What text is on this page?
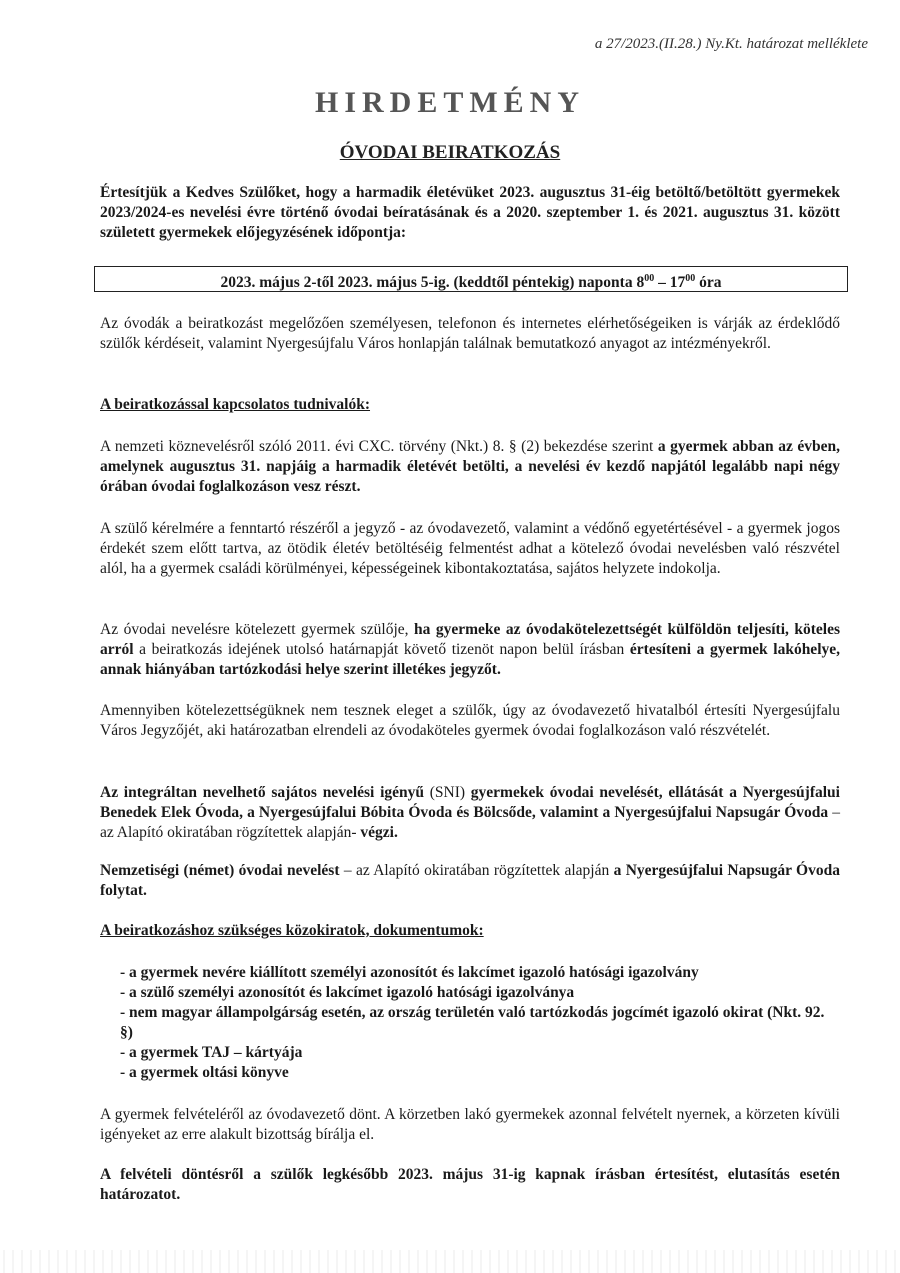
a 27/2023.(II.28.) Ny.Kt. határozat melléklete
HIRDETMÉNY
ÓVODAI BEIRATKOZÁS
Értesítjük a Kedves Szülőket, hogy a harmadik életévüket 2023. augusztus 31-éig betöltő/betöltött gyermekek 2023/2024-es nevelési évre történő óvodai beíratásának és a 2020. szeptember 1. és 2021. augusztus 31. között született gyermekek előjegyzésének időpontja:
2023. május 2-től 2023. május 5-ig. (keddtől péntekig) naponta $8^{00} - 17^{00}$ óra
Az óvodák a beiratkozást megelőzően személyesen, telefonon és internetes elérhetőségeiken is várják az érdeklődő szülők kérdéseit, valamint Nyergesújfalu Város honlapján találnak bemutatkozó anyagot az intézményekről.
A beiratkozással kapcsolatos tudnivalók:
A nemzeti köznevelésről szóló 2011. évi CXC. törvény (Nkt.) 8. § (2) bekezdése szerint a gyermek abban az évben, amelynek augusztus 31. napjáig a harmadik életévét betölti, a nevelési év kezdő napjától legalább napi négy órában óvodai foglalkozáson vesz részt.
A szülő kérelmére a fenntartó részéről a jegyző - az óvodavezető, valamint a védőnő egyetértésével - a gyermek jogos érdekét szem előtt tartva, az ötödik életév betöltéséig felmentést adhat a kötelező óvodai nevelésben való részvétel alól, ha a gyermek családi körülményei, képességeinek kibontakoztatása, sajátos helyzete indokolja.
Az óvodai nevelésre kötelezett gyermek szülője, ha gyermeke az óvodakötelezettségét külföldön teljesíti, köteles arról a beiratkozás idejének utolsó határnapját követő tizenöt napon belül írásban értesíteni a gyermek lakóhelye, annak hiányában tartózkodási helye szerint illetékes jegyzőt.
Amennyiben kötelezettségüknek nem tesznek eleget a szülők, úgy az óvodavezető hivatalból értesíti Nyergesújfalu Város Jegyzőjét, aki határozatban elrendeli az óvodaköteles gyermek óvodai foglalkozáson való részvételét.
Az integráltan nevelhető sajátos nevelési igényű (SNI) gyermekek óvodai nevelését, ellátását a Nyergesújfalui Benedek Elek Óvoda, a Nyergesújfalui Bóbita Óvoda és Bölcsőde, valamint a Nyergesújfalui Napsugár Óvoda – az Alapító okiratában rögzítettek alapján- végzi.
Nemzetiségi (német) óvodai nevelést – az Alapító okiratában rögzítettek alapján a Nyergesújfalui Napsugár Óvoda folytat.
A beiratkozáshoz szükséges közokiratok, dokumentumok:
- a gyermek nevére kiállított személyi azonosítót és lakcímet igazoló hatósági igazolvány
- a szülő személyi azonosítót és lakcímet igazoló hatósági igazolványa
- nem magyar állampolgárság esetén, az ország területén való tartózkodás jogcímét igazoló okirat (Nkt. 92. §)
- a gyermek TAJ – kártyája
- a gyermek oltási könyve
A gyermek felvételéről az óvodavezető dönt. A körzetben lakó gyermekek azonnal felvételt nyernek, a körzeten kívüli igényeket az erre alakult bizottság bírálja el.
A felvételi döntésről a szülők legkésőbb 2023. május 31-ig kapnak írásban értesítést, elutasítás esetén határozatot.
